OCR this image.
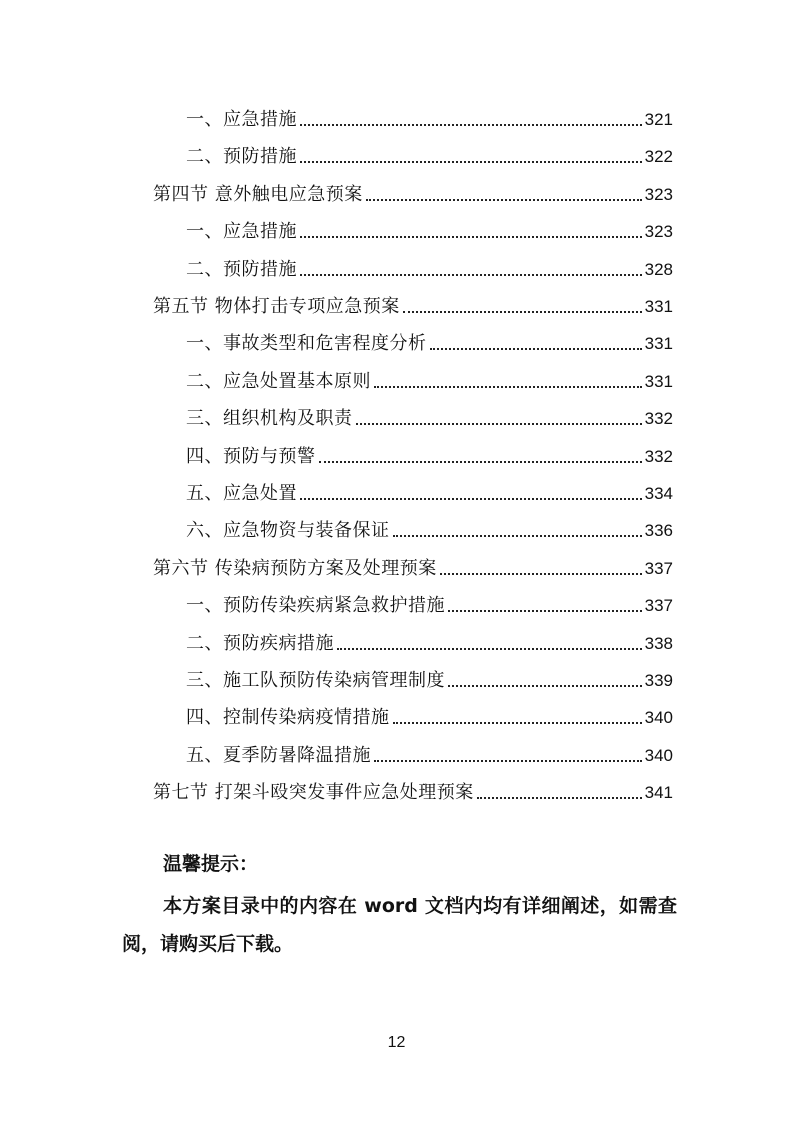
一、应急措施	321
二、预防措施	322
第四节 意外触电应急预案	323
一、应急措施	323
二、预防措施	328
第五节 物体打击专项应急预案	331
一、事故类型和危害程度分析	331
二、应急处置基本原则	331
三、组织机构及职责	332
四、预防与预警	332
五、应急处置	334
六、应急物资与装备保证	336
第六节 传染病预防方案及处理预案	337
一、预防传染疾病紧急救护措施	337
二、预防疾病措施	338
三、施工队预防传染病管理制度	339
四、控制传染病疫情措施	340
五、夏季防暑降温措施	340
第七节 打架斗殴突发事件应急处理预案	341
温馨提示：
本方案目录中的内容在 word 文档内均有详细阐述，如需查阅，请购买后下载。
12
